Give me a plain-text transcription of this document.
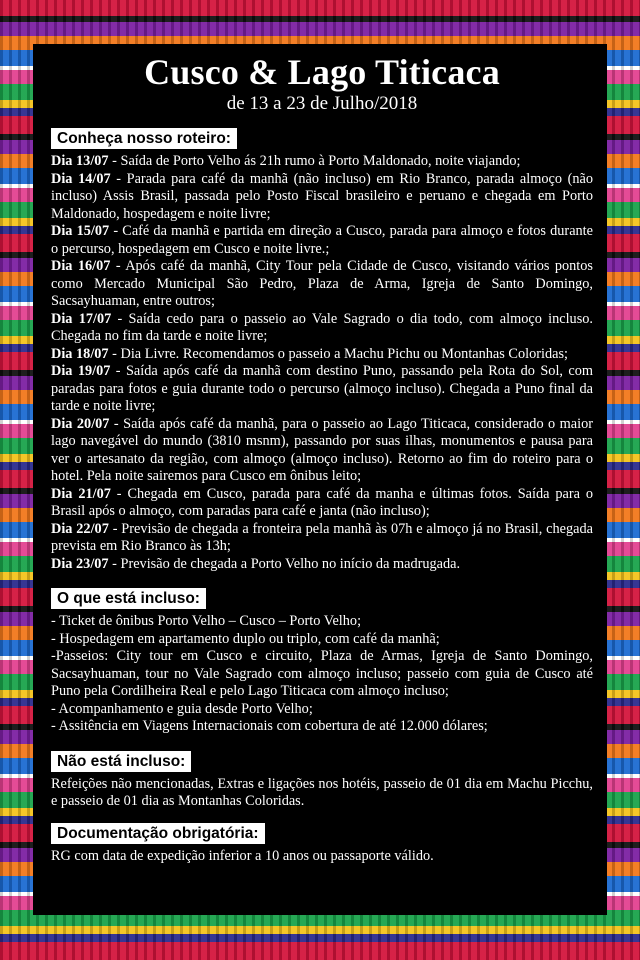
Cusco & Lago Titicaca
de 13 a 23 de Julho/2018
Conheça nosso roteiro:

Dia 13/07 - Saída de Porto Velho ás 21h rumo à Porto Maldonado, noite viajando;

Dia 14/07 - Parada para café da manhã (não incluso) em Rio Branco, parada almoço (não incluso) Assis Brasil, passada pelo Posto Fiscal brasileiro e peruano e chegada em Porto Maldonado, hospedagem e noite livre;

Dia 15/07 - Café da manhã e partida em direção a Cusco, parada para almoço e fotos durante o percurso, hospedagem em Cusco e noite livre.;

Dia 16/07 - Após café da manhã, City Tour pela Cidade de Cusco, visitando vários pontos como Mercado Municipal São Pedro, Plaza de Arma, Igreja de Santo Domingo, Sacsayhuaman, entre outros;

Dia 17/07 - Saída cedo para o passeio ao Vale Sagrado o dia todo, com almoço incluso. Chegada no fim da tarde e noite livre;

Dia 18/07 - Dia Livre. Recomendamos o passeio a Machu Pichu ou Montanhas Coloridas;

Dia 19/07 - Saída após café da manhã com destino Puno, passando pela Rota do Sol, com paradas para fotos e guia durante todo o percurso (almoço incluso). Chegada a Puno final da tarde e noite livre;

Dia 20/07 - Saída após café da manhã, para o passeio ao Lago Titicaca, considerado o maior lago navegável do mundo (3810 msnm), passando por suas ilhas, monumentos e pausa para ver o artesanato da região, com almoço (almoço incluso). Retorno ao fim do roteiro para o hotel. Pela noite sairemos para Cusco em ônibus leito;

Dia 21/07 - Chegada em Cusco, parada para café da manha e últimas fotos. Saída para o Brasil após o almoço, com paradas para café e janta (não incluso);

Dia 22/07 - Previsão de chegada a fronteira pela manhã às 07h e almoço já no Brasil, chegada prevista em Rio Branco às 13h;

Dia 23/07 - Previsão de chegada a Porto Velho no início da madrugada.

O que está incluso:

- Ticket de ônibus Porto Velho – Cusco – Porto Velho;

- Hospedagem em apartamento duplo ou triplo, com café da manhã;

-Passeios: City tour em Cusco e circuito, Plaza de Armas, Igreja de Santo Domingo, Sacsayhuaman, tour no Vale Sagrado com almoço incluso; passeio com guia de Cusco até Puno pela Cordilheira Real e pelo Lago Titicaca com almoço incluso;

- Acompanhamento e guia desde Porto Velho;

- Assitência em Viagens Internacionais com cobertura de até 12.000 dólares;

Não está incluso:

Refeições não mencionadas, Extras e ligações nos hotéis, passeio de 01 dia em Machu Picchu, e passeio de 01 dia as Montanhas Coloridas.

Documentação obrigatória:

RG com data de expedição inferior a 10 anos ou passaporte válido.
